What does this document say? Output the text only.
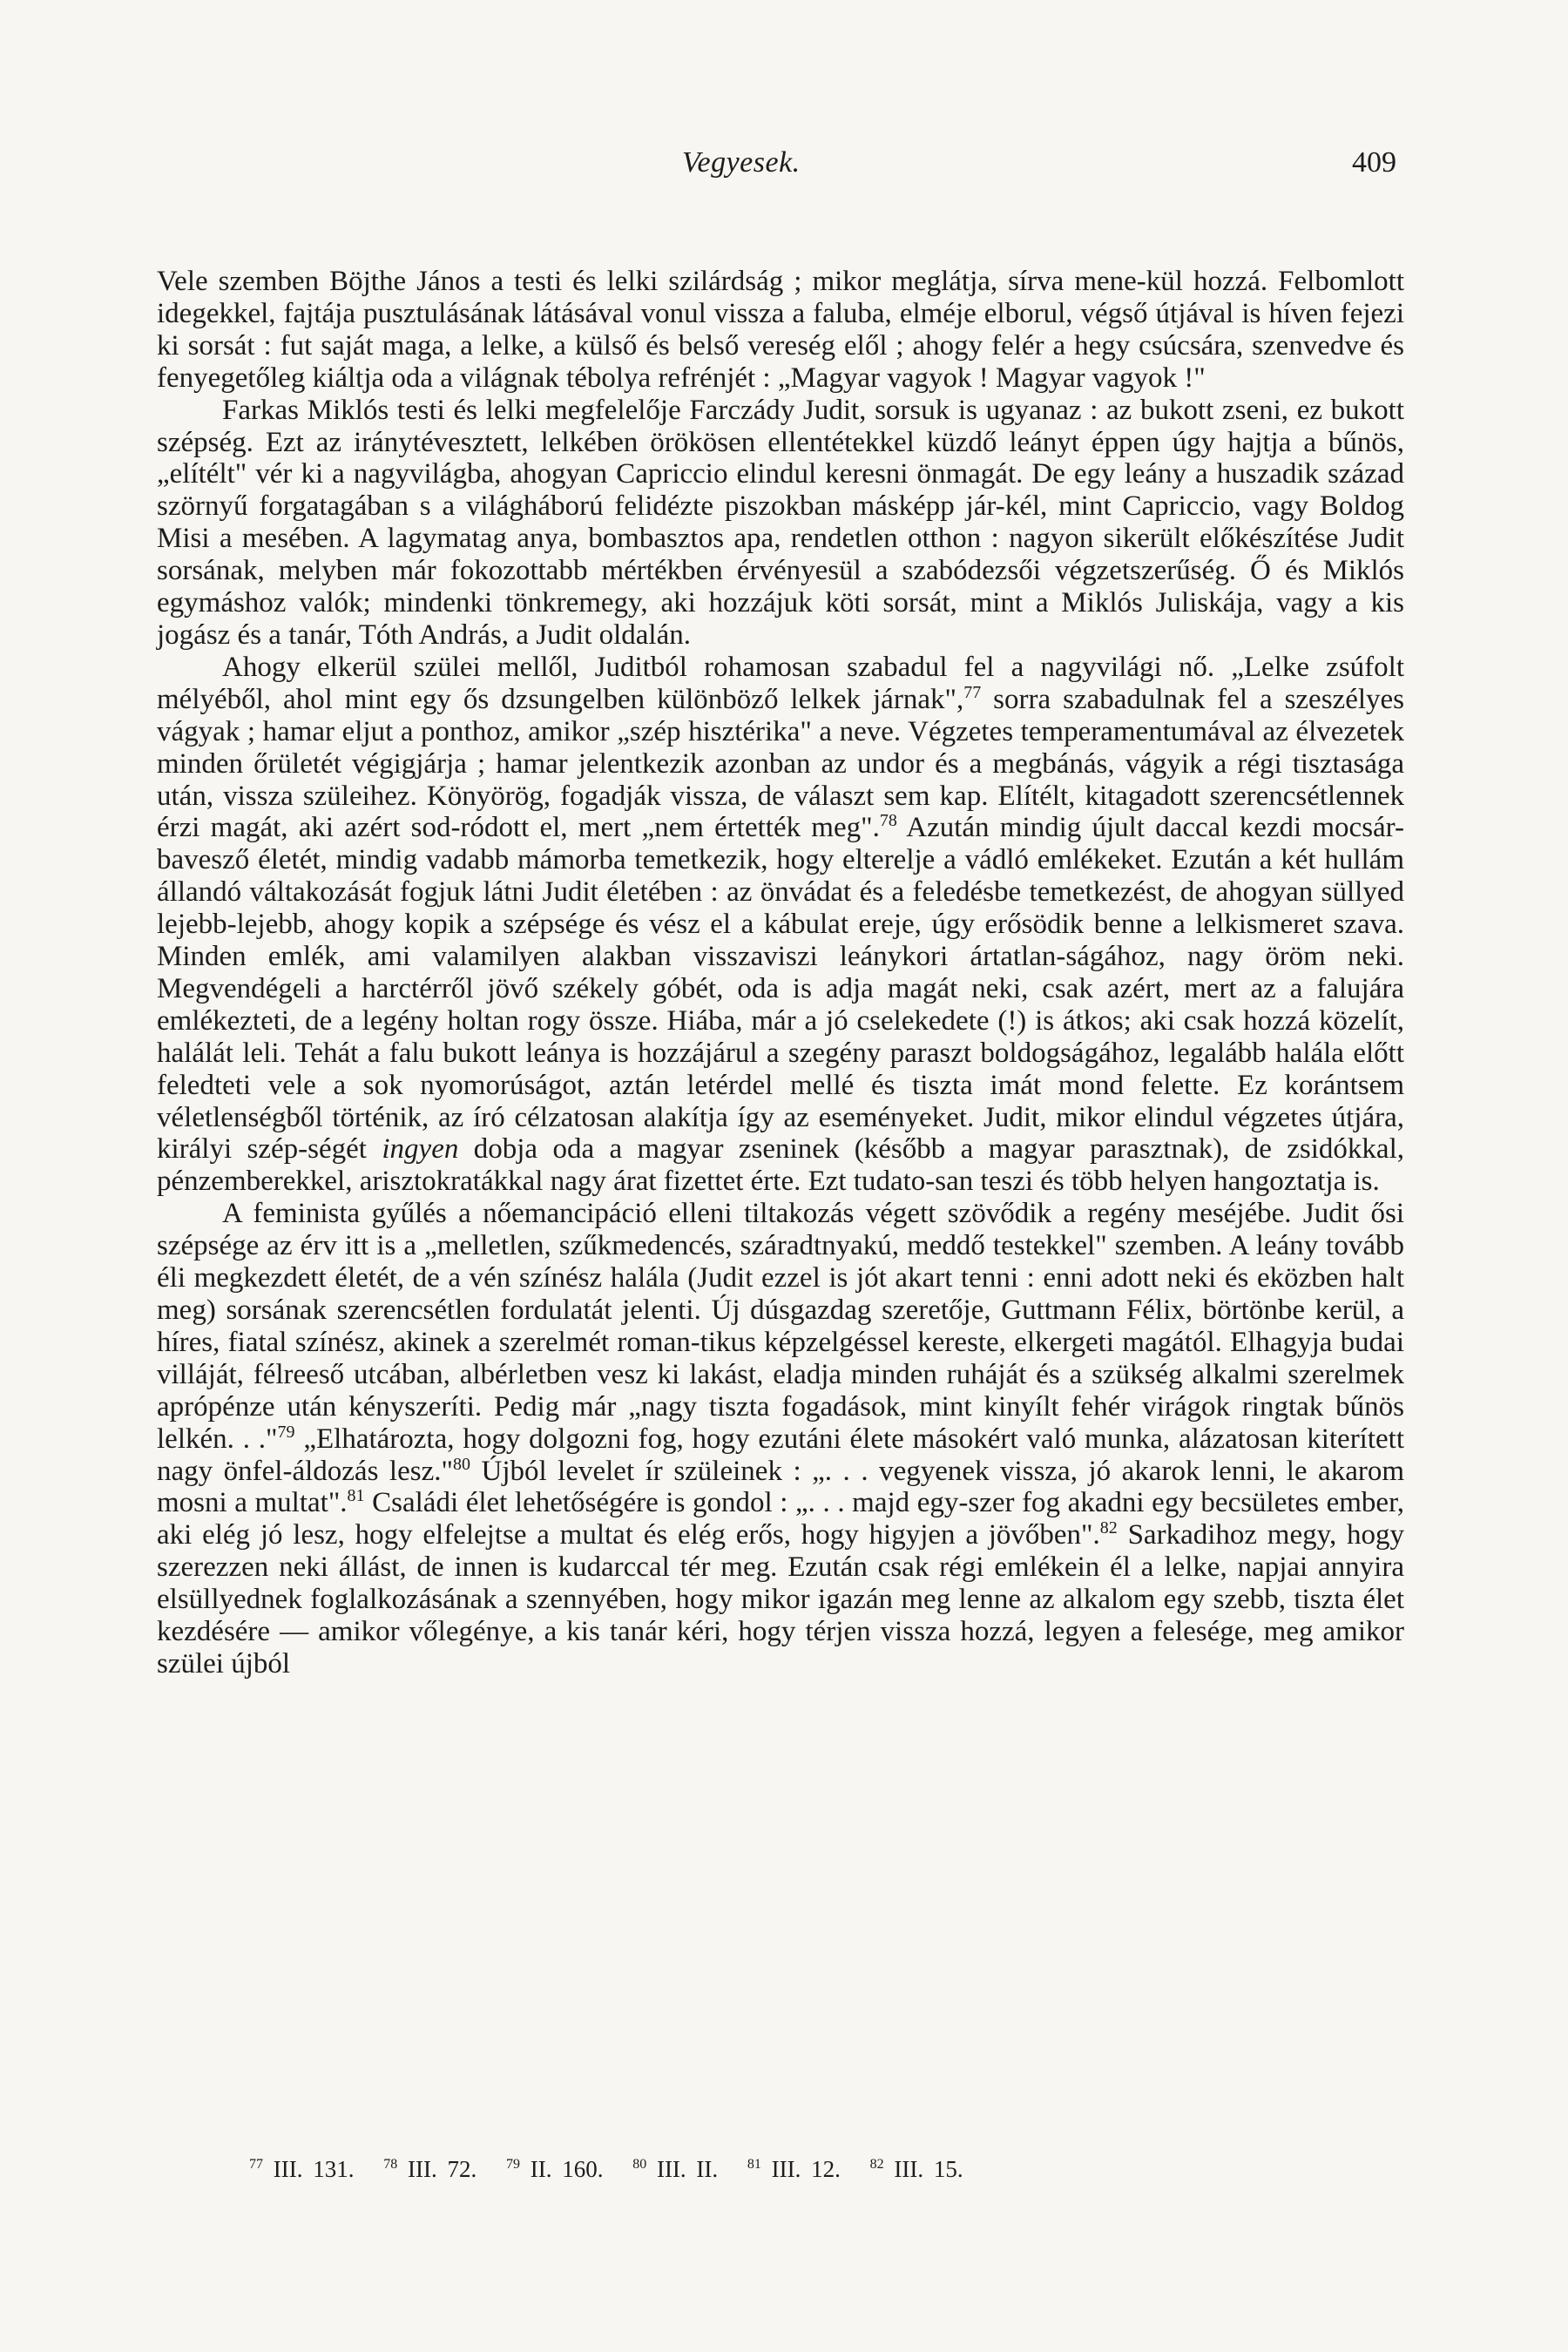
Vegyesek.	409

Vele szemben Böjthe János a testi és lelki szilárdság ; mikor meglátja, sírva mene-kül hozzá. Felbomlott idegekkel, fajtája pusztulásának látásával vonul vissza a faluba, elméje elborul, végső útjával is híven fejezi ki sorsát : fut saját maga, a lelke, a külső és belső vereség elől ; ahogy felér a hegy csúcsára, szenvedve és fenyegetőleg kiáltja oda a világnak tébolya refrénjét : „Magyar vagyok ! Magyar vagyok !"

Farkas Miklós testi és lelki megfelelője Farczády Judit, sorsuk is ugyanaz : az bukott zseni, ez bukott szépség. Ezt az iránytévesztett, lelkében örökösen ellentétekkel küzdő leányt éppen úgy hajtja a bűnös, „elítélt" vér ki a nagyvilágba, ahogyan Capriccio elindul keresni önmagát. De egy leány a huszadik század szörnyű forgatagában s a világháború felidézte piszokban másképp jár-kél, mint Capriccio, vagy Boldog Misi a mesében. A lagymatag anya, bombasztos apa, rendetlen otthon : nagyon sikerült előkészítése Judit sorsának, melyben már fokozottabb mértékben érvényesül a szabódezsői végzetszerűség. Ő és Miklós egymáshoz valók; mindenki tönkremegy, aki hozzájuk köti sorsát, mint a Miklós Juliskája, vagy a kis jogász és a tanár, Tóth András, a Judit oldalán.

Ahogy elkerül szülei mellől, Juditból rohamosan szabadul fel a nagyvilági nő. „Lelke zsúfolt mélyéből, ahol mint egy ős dzsungelben különböző lelkek járnak",$^{77}$ sorra szabadulnak fel a szeszélyes vágyak ; hamar eljut a ponthoz, amikor „szép hisztérika" a neve. Végzetes temperamentumával az élvezetek minden őrületét végigjárja ; hamar jelentkezik azonban az undor és a megbánás, vágyik a régi tisztasága után, vissza szüleihez. Könyörög, fogadják vissza, de választ sem kap. Elítélt, kitagadott szerencsétlennek érzi magát, aki azért sod-ródott el, mert „nem értették meg".$^{78}$ Azután mindig újult daccal kezdi mocsár-bavesző életét, mindig vadabb mámorba temetkezik, hogy elterelje a vádló emlékeket. Ezután a két hullám állandó váltakozását fogjuk látni Judit életében : az önvádat és a feledésbe temetkezést, de ahogyan süllyed lejebb-lejebb, ahogy kopik a szépsége és vész el a kábulat ereje, úgy erősödik benne a lelkismeret szava. Minden emlék, ami valamilyen alakban visszaviszi leánykori ártatlan-ságához, nagy öröm neki. Megvendégeli a harctérről jövő székely góbét, oda is adja magát neki, csak azért, mert az a falujára emlékezteti, de a legény holtan rogy össze. Hiába, már a jó cselekedete (!) is átkos; aki csak hozzá közelít, halálát leli. Tehát a falu bukott leánya is hozzájárul a szegény paraszt boldogságához, legalább halála előtt feledteti vele a sok nyomorúságot, aztán letérdel mellé és tiszta imát mond felette. Ez korántsem véletlenségből történik, az író célzatosan alakítja így az eseményeket. Judit, mikor elindul végzetes útjára, királyi szép-ségét ingyen dobja oda a magyar zseninek (később a magyar parasztnak), de zsidókkal, pénzemberekkel, arisztokratákkal nagy árat fizettet érte. Ezt tudato-san teszi és több helyen hangoztatja is.

A feminista gyűlés a nőemancipáció elleni tiltakozás végett szövődik a regény meséjébe. Judit ősi szépsége az érv itt is a „melletlen, szűkmedencés, száradtnyakú, meddő testekkel" szemben. A leány tovább éli megkezdett életét, de a vén színész halála (Judit ezzel is jót akart tenni : enni adott neki és eközben halt meg) sorsának szerencsétlen fordulatát jelenti. Új dúsgazdag szeretője, Guttmann Félix, börtönbe kerül, a híres, fiatal színész, akinek a szerelmét roman-tikus képzelgéssel kereste, elkergeti magától. Elhagyja budai villáját, félreeső utcában, albérletben vesz ki lakást, eladja minden ruháját és a szükség alkalmi szerelmek aprópénze után kényszeríti. Pedig már „nagy tiszta fogadások, mint kinyílt fehér virágok ringtak bűnös lelkén. . ."$^{79}$ „Elhatározta, hogy dolgozni fog, hogy ezutáni élete másokért való munka, alázatosan kiterített nagy önfel-áldozás lesz."$^{80}$ Újból levelet ír szüleinek : „. . . vegyenek vissza, jó akarok lenni, le akarom mosni a multat".$^{81}$ Családi élet lehetőségére is gondol : „. . . majd egy-szer fog akadni egy becsületes ember, aki elég jó lesz, hogy elfelejtse a multat és elég erős, hogy higyjen a jövőben".$^{82}$ Sarkadihoz megy, hogy szerezzen neki állást, de innen is kudarccal tér meg. Ezután csak régi emlékein él a lelke, napjai annyira elsüllyednek foglalkozásának a szennyében, hogy mikor igazán meg lenne az alkalom egy szebb, tiszta élet kezdésére — amikor vőlegénye, a kis tanár kéri, hogy térjen vissza hozzá, legyen a felesége, meg amikor szülei újból

$^{77}$ III. 131. $^{78}$ III. 72. $^{79}$ II. 160. $^{80}$ III. II. $^{81}$ III. 12. $^{82}$ III. 15.
